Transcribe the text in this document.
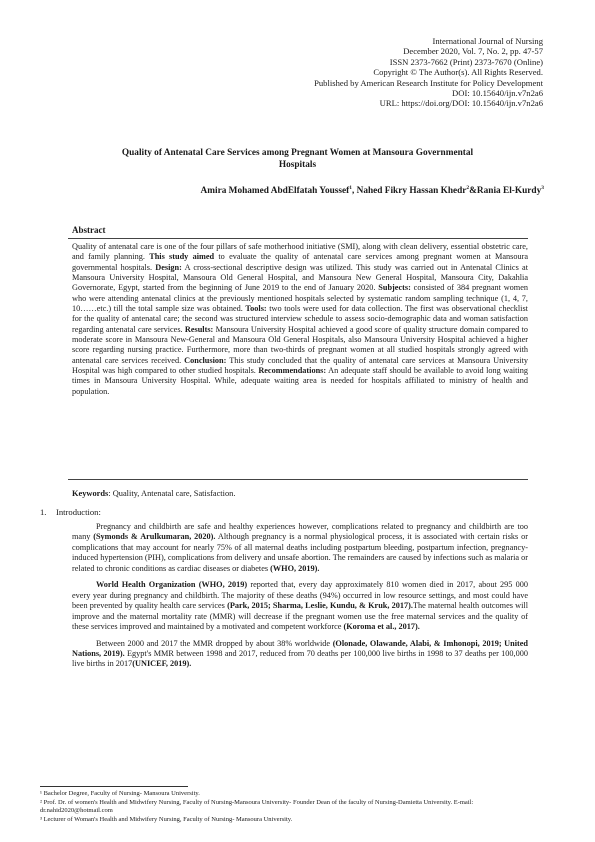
International Journal of Nursing
December 2020, Vol. 7, No. 2, pp. 47-57
ISSN 2373-7662 (Print) 2373-7670 (Online)
Copyright © The Author(s). All Rights Reserved.
Published by American Research Institute for Policy Development
DOI: 10.15640/ijn.v7n2a6
URL: https://doi.org/DOI: 10.15640/ijn.v7n2a6
Quality of Antenatal Care Services among Pregnant Women at Mansoura Governmental
Hospitals
Amira Mohamed AbdElfatah Youssef$^1$, Nahed Fikry Hassan Khedr$^2$&Rania El-Kurdy$^3$
Abstract
Quality of antenatal care is one of the four pillars of safe motherhood initiative (SMI), along with clean delivery, essential obstetric care, and family planning. This study aimed to evaluate the quality of antenatal care services among pregnant women at Mansoura governmental hospitals. Design: A cross-sectional descriptive design was utilized. This study was carried out in Antenatal Clinics at Mansoura University Hospital, Mansoura Old General Hospital, and Mansoura New General Hospital, Mansoura City, Dakahlia Governorate, Egypt, started from the beginning of June 2019 to the end of January 2020. Subjects: consisted of 384 pregnant women who were attending antenatal clinics at the previously mentioned hospitals selected by systematic random sampling technique (1, 4, 7, 10……etc.) till the total sample size was obtained. Tools: two tools were used for data collection. The first was observational checklist for the quality of antenatal care; the second was structured interview schedule to assess socio-demographic data and woman satisfaction regarding antenatal care services. Results: Mansoura University Hospital achieved a good score of quality structure domain compared to moderate score in Mansoura New-General and Mansoura Old General Hospitals, also Mansoura University Hospital achieved a higher score regarding nursing practice. Furthermore, more than two-thirds of pregnant women at all studied hospitals strongly agreed with antenatal care services received. Conclusion: This study concluded that the quality of antenatal care services at Mansoura University Hospital was high compared to other studied hospitals. Recommendations: An adequate staff should be available to avoid long waiting times in Mansoura University Hospital. While, adequate waiting area is needed for hospitals affiliated to ministry of health and population.
Keywords: Quality, Antenatal care, Satisfaction.
1. Introduction:

Pregnancy and childbirth are safe and healthy experiences however, complications related to pregnancy and childbirth are too many (Symonds & Arulkumaran, 2020). Although pregnancy is a normal physiological process, it is associated with certain risks or complications that may account for nearly 75% of all maternal deaths including postpartum bleeding, postpartum infection, pregnancy-induced hypertension (PIH), complications from delivery and unsafe abortion. The remainders are caused by infections such as malaria or related to chronic conditions as cardiac diseases or diabetes (WHO, 2019).

World Health Organization (WHO, 2019) reported that, every day approximately 810 women died in 2017, about 295 000 every year during pregnancy and childbirth. The majority of these deaths (94%) occurred in low resource settings, and most could have been prevented by quality health care services (Park, 2015; Sharma, Leslie, Kundu, & Kruk, 2017).The maternal health outcomes will improve and the maternal mortality rate (MMR) will decrease if the pregnant women use the free maternal services and the quality of these services improved and maintained by a motivated and competent workforce (Koroma et al., 2017).

Between 2000 and 2017 the MMR dropped by about 38% worldwide (Olonade, Olawande, Alabi, & Imhonopi, 2019; United Nations, 2019). Egypt's MMR between 1998 and 2017, reduced from 70 deaths per 100,000 live births in 1998 to 37 deaths per 100,000 live births in 2017(UNICEF, 2019).

¹ Bachelor Degree, Faculty of Nursing- Mansoura University.
² Prof. Dr. of women's Health and Midwifery Nursing, Faculty of Nursing-Mansoura University- Founder Dean of the faculty of Nursing-Damietta University. E-mail: dr.nahid2020@hotmail.com
³ Lecturer of Woman's Health and Midwifery Nursing, Faculty of Nursing- Mansoura University.
